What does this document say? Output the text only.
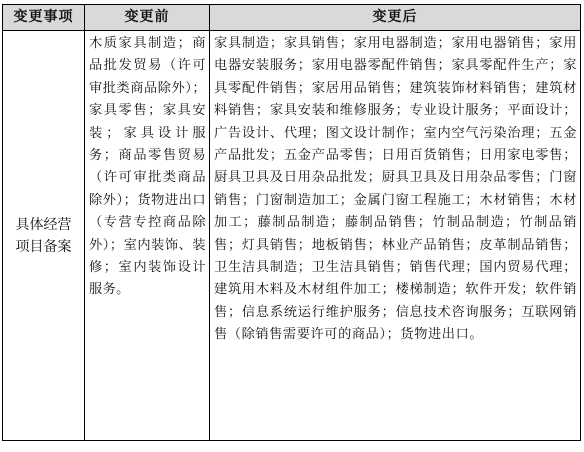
变更事项	变更前	变更后
具体经营项目备案	木质家具制造；商品批发贸易（许可审批类商品除外）；家具零售；家具安装；家具设计服务；商品零售贸易（许可审批类商品除外）；货物进出口（专营专控商品除外）；室内装饰、装修；室内装饰设计服务。	家具制造；家具销售；家用电器制造；家用电器销售；家用电器安装服务；家用电器零配件销售；家具零配件生产；家具零配件销售；家居用品销售；建筑装饰材料销售；建筑材料销售；家具安装和维修服务；专业设计服务；平面设计；广告设计、代理；图文设计制作；室内空气污染治理；五金产品批发；五金产品零售；日用百货销售；日用家电零售；厨具卫具及日用杂品批发；厨具卫具及日用杂品零售；门窗销售；门窗制造加工；金属门窗工程施工；木材销售；木材加工；藤制品制造；藤制品销售；竹制品制造；竹制品销售；灯具销售；地板销售；林业产品销售；皮革制品销售；卫生洁具制造；卫生洁具销售；销售代理；国内贸易代理；建筑用木料及木材组件加工；楼梯制造；软件开发；软件销售；信息系统运行维护服务；信息技术咨询服务；互联网销售（除销售需要许可的商品）；货物进出口。
